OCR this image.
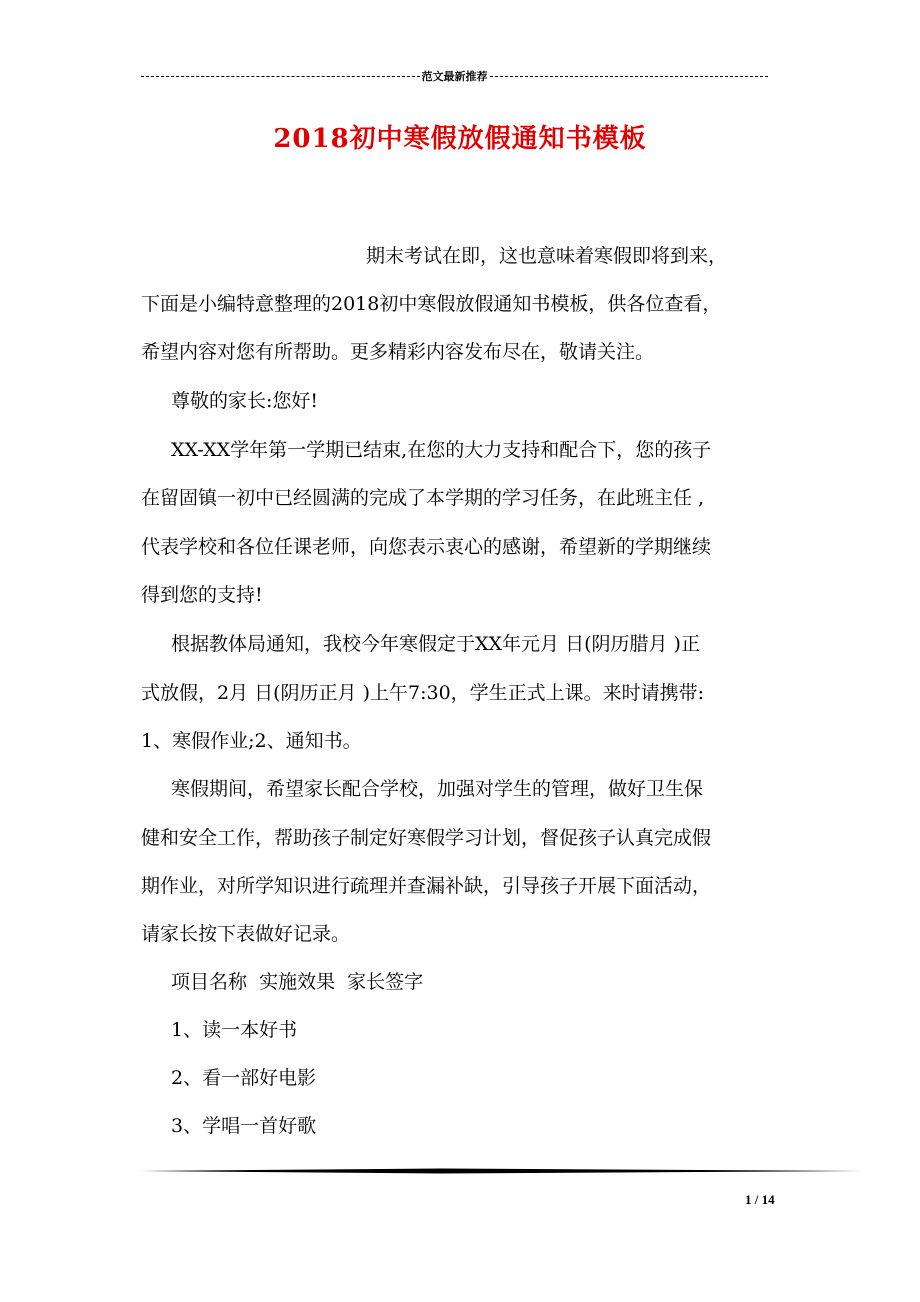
范文最新推荐
2018初中寒假放假通知书模板
期末考试在即，这也意味着寒假即将到来，
下面是小编特意整理的2018初中寒假放假通知书模板，供各位查看，
希望内容对您有所帮助。更多精彩内容发布尽在，敬请关注。
尊敬的家长:您好!
XX-XX学年第一学期已结束,在您的大力支持和配合下，您的孩子
在留固镇一初中已经圆满的完成了本学期的学习任务，在此班主任 ,
代表学校和各位任课老师，向您表示衷心的感谢，希望新的学期继续
得到您的支持!
根据教体局通知，我校今年寒假定于XX年元月 日(阴历腊月 )正
式放假，2月 日(阴历正月 )上午7:30，学生正式上课。来时请携带:
1、寒假作业;2、通知书。
寒假期间，希望家长配合学校，加强对学生的管理，做好卫生保
健和安全工作，帮助孩子制定好寒假学习计划，督促孩子认真完成假
期作业，对所学知识进行疏理并查漏补缺，引导孩子开展下面活动，
请家长按下表做好记录。
项目名称  实施效果  家长签字
1、读一本好书
2、看一部好电影
3、学唱一首好歌
1 / 14
